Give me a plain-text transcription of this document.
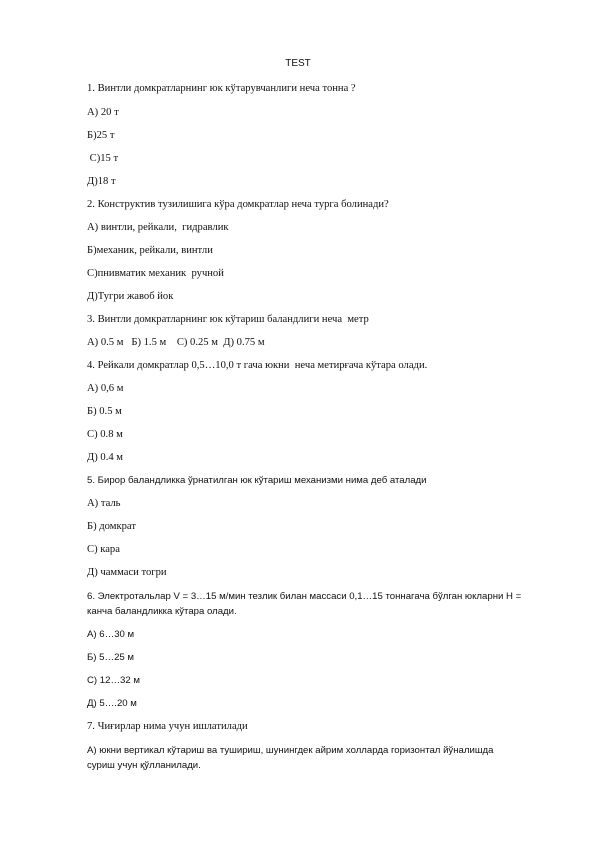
TEST
1. Винтли домкратларнинг юк кўтарувчанлиги неча тонна ?
А) 20 т
Б)25 т
С)15 т
Д)18 т
2. Конструктив тузилишига кўра домкратлар неча турга болинади?
А) винтли, рейкали,  гидравлик
Б)механик, рейкали, винтли
С)пнивматик механик  ручной
Д)Тугри жавоб йок
3. Винтли домкратларнинг юк кўтариш баландлиги неча  метр
А) 0.5 м   Б) 1.5 м    С) 0.25 м  Д) 0.75 м
4. Рейкали домкратлар 0,5…10,0 т гача юкни  неча метирғача кўтара олади.
А) 0,6 м
Б) 0.5 м
С) 0.8 м
Д) 0.4 м
5. Бирор баландликка ўрнатилган юк кўтариш механизми нима деб аталади
А) таль
Б) домкрат
С) кара
Д) чаммаси тогри
6. Электротальлар V = 3…15 м/мин тезлик билан массаси 0,1…15 тоннагача бўлган юкларни Н = канча баландликка кўтара олади.
А) 6…30 м
Б) 5…25 м
С) 12…32 м
Д) 5….20 м
7. Чиғирлар нима учун ишлатилади
А) юкни вертикал кўтариш ва тушириш, шунингдек айрим холларда горизонтал йўналишда суриш учун қўлланилади.
